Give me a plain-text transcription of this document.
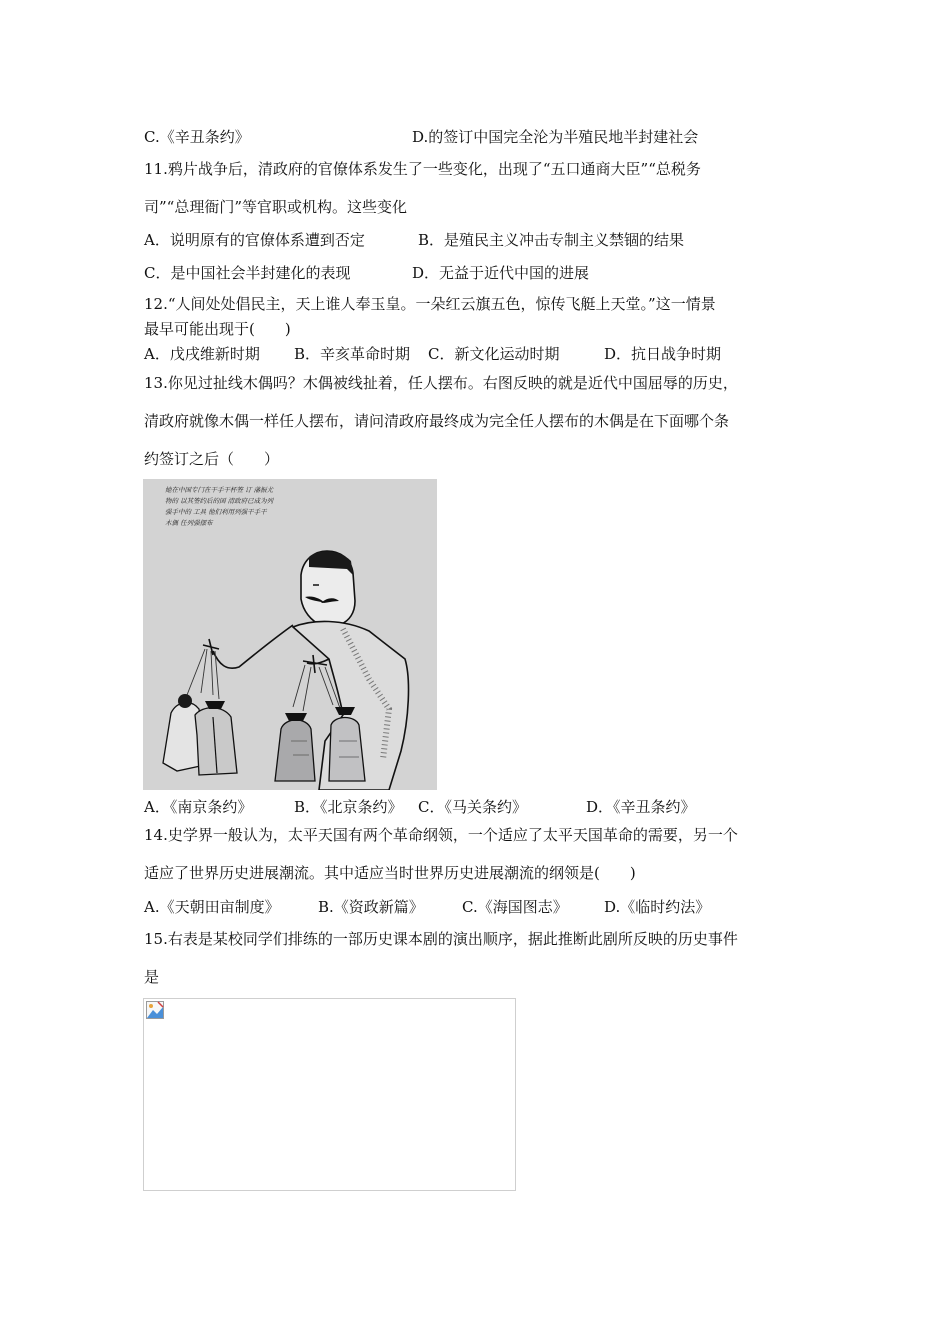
C.《辛丑条约》	D.的签订中国完全沦为半殖民地半封建社会
11.鸦片战争后，清政府的官僚体系发生了一些变化，出现了“五口通商大臣”“总税务
司”“总理衙门”等官职或机构。这些变化
A．说明原有的官僚体系遭到否定	B．是殖民主义冲击专制主义禁锢的结果
C．是中国社会半封建化的表现	D．无益于近代中国的进展
12.“人间处处倡民主，天上谁人奉玉皇。一朵红云旗五色，惊传飞艇上天堂。”这一情景
最早可能出现于(　　)
A．戊戌维新时期 B．辛亥革命时期 C．新文化运动时期	D．抗日战争时期
13.你见过扯线木偶吗？木偶被线扯着，任人摆布。右图反映的就是近代中国屈辱的历史，
清政府就像木偶一样任人摆布，请问清政府最终成为完全任人摆布的木偶是在下面哪个条
约签订之后（　　）
她在中国专门在干手干杯签 订 藩振尤物的 以其签约后的国 清政府已成为列强手中的 工具 他们利用列强干手干 木偶 任列强摆布
A．《南京条约》	B．《北京条约》 C．《马关条约》	D．《辛丑条约》
14.史学界一般认为，太平天国有两个革命纲领，一个适应了太平天国革命的需要，另一个
适应了世界历史进展潮流。其中适应当时世界历史进展潮流的纲领是(　　)
A.《天朝田亩制度》	B.《资政新篇》	C.《海国图志》 D.《临时约法》
15.右表是某校同学们排练的一部历史课本剧的演出顺序，据此推断此剧所反映的历史事件
是
